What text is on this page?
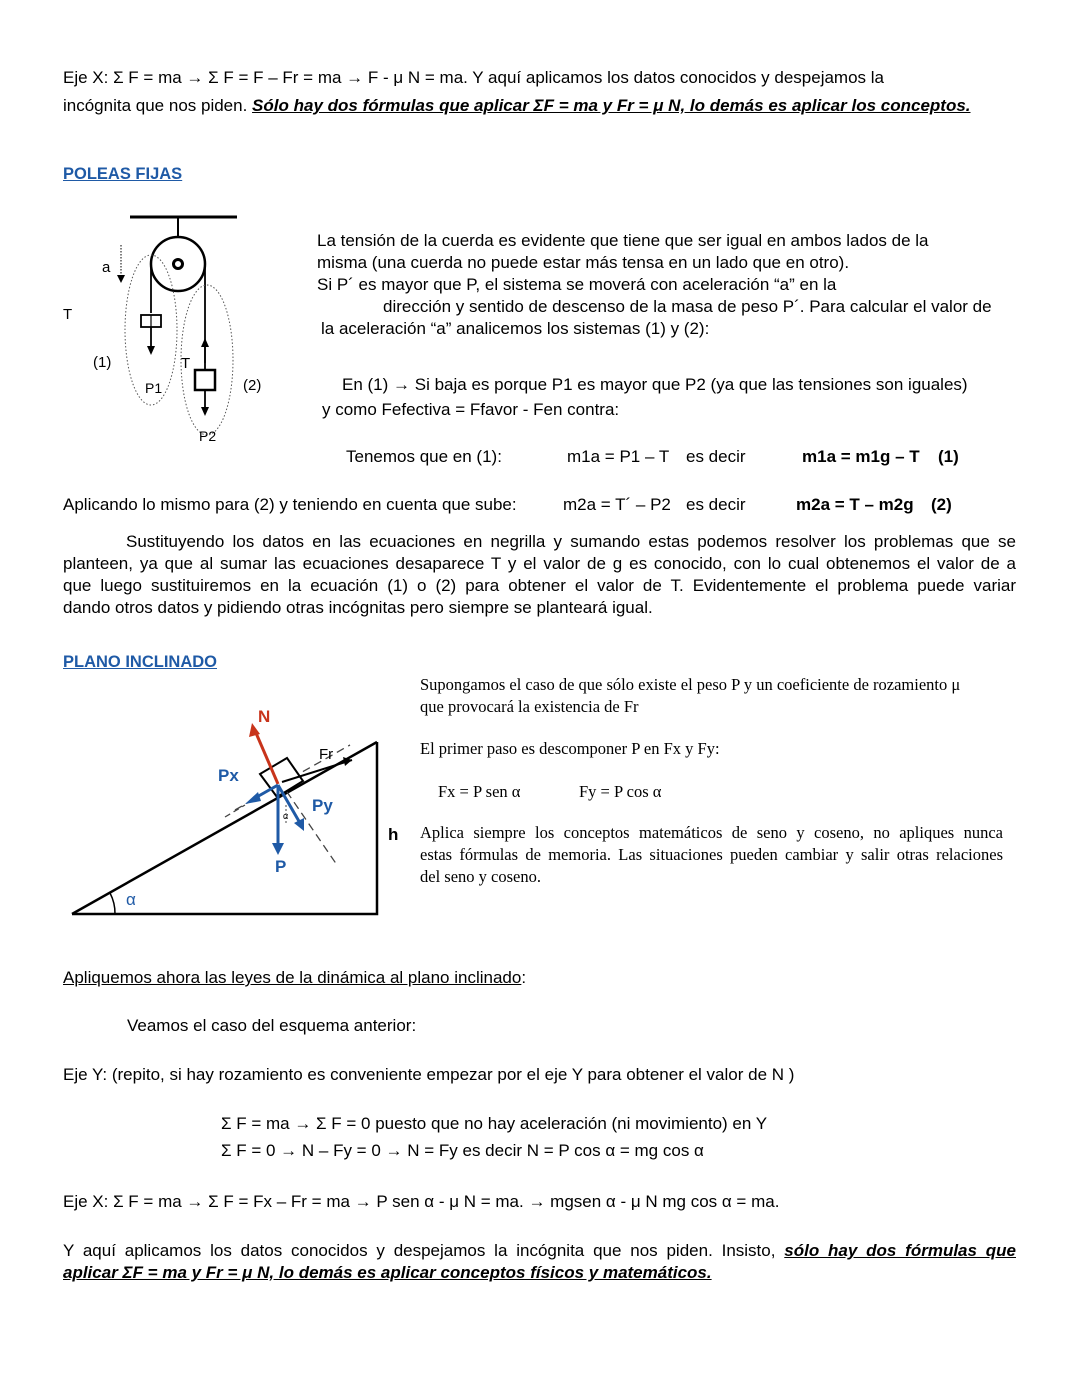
Eje X: Σ F = ma → Σ F = F – Fr = ma → F - μ N = ma. Y aquí aplicamos los datos conocidos y despejamos la

incógnita que nos piden. Sólo hay dos fórmulas que aplicar ΣF = ma y Fr = μ N, lo demás es aplicar los conceptos.

POLEAS FIJAS

a
T
T
(1)
(2)
P1
P2
La tensión de la cuerda es evidente que tiene que ser igual en ambos lados de la
misma (una cuerda no puede estar más tensa en un lado que en otro).
Si P´ es mayor que P, el sistema se moverá con aceleración “a” en la
dirección y sentido de descenso de la masa de peso P´. Para calcular el valor de
la aceleración “a” analicemos los sistemas (1) y (2):

En (1) → Si baja es porque P1 es mayor que P2 (ya que las tensiones son iguales)

y como Fefectiva = Ffavor - Fen contra:

Tenemos que en (1):	m1a = P1 – T es decir	m1a = m1g – T (1)

Aplicando lo mismo para (2) y teniendo en cuenta que sube:	m2a = T´ – P2 es decir	m2a = T – m2g (2)

Sustituyendo los datos en las ecuaciones en negrilla y sumando estas podemos resolver los problemas que se
planteen, ya que al sumar las ecuaciones desaparece T y el valor de g es conocido, con lo cual obtenemos el valor de a
que luego sustituiremos en la ecuación (1) o (2) para obtener el valor de T. Evidentemente el problema puede variar
dando otros datos y pidiendo otras incógnitas pero siempre se planteará igual.

PLANO INCLINADO

α
α
N
Fr
Px
Py
P
h

Supongamos el caso de que sólo existe el peso P y un coeficiente de rozamiento μ

que provocará la existencia de Fr

El primer paso es descomponer P en Fx y Fy:

Fx = P sen α	Fy = P cos α

Aplica siempre los conceptos matemáticos de seno y coseno, no apliques nunca
estas fórmulas de memoria. Las situaciones pueden cambiar y salir otras relaciones
del seno y coseno.

Apliquemos ahora las leyes de la dinámica al plano inclinado:

Veamos el caso del esquema anterior:

Eje Y: (repito, si hay rozamiento es conveniente empezar por el eje Y para obtener el valor de N )

Σ F = ma → Σ F = 0 puesto que no hay aceleración (ni movimiento) en Y

Σ F = 0 → N – Fy = 0 → N = Fy es decir N = P cos α = mg cos α

Eje X: Σ F = ma → Σ F = Fx – Fr = ma → P sen α - μ N = ma. → mgsen α - μ N mg cos α = ma.

Y aquí aplicamos los datos conocidos y despejamos la incógnita que nos piden. Insisto, sólo hay dos fórmulas que
aplicar ΣF = ma y Fr = μ N, lo demás es aplicar conceptos físicos y matemáticos.
